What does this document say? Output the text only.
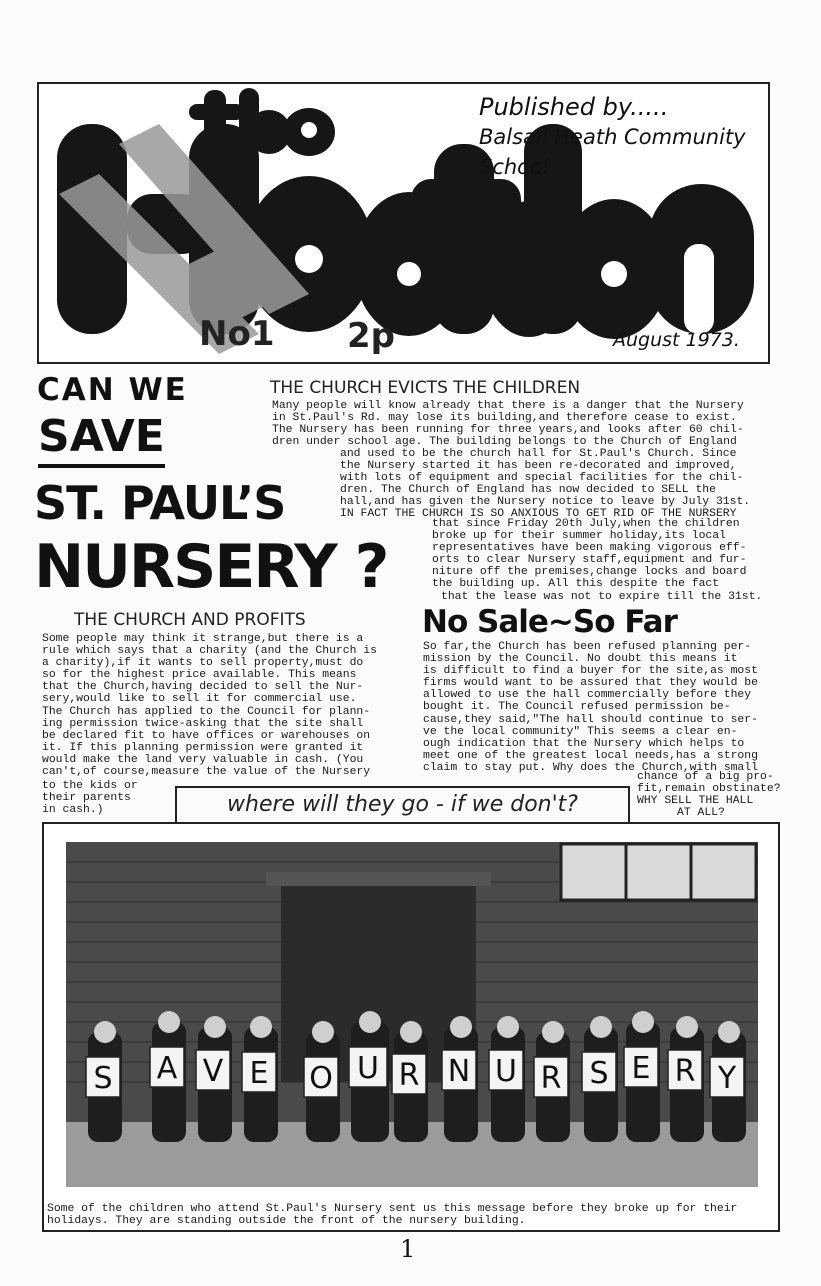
Published by.....
Balsall Heath Community School
No1 2p	August 1973.
CAN WE
SAVE
ST. PAUL’S
NURSERY ?
THE CHURCH EVICTS THE CHILDREN
Many people will know already that there is a danger that the Nursery
in St.Paul's Rd. may lose its building,and therefore cease to exist.
The Nursery has been running for three years,and looks after 60 chil-
dren under school age. The building belongs to the Church of England
and used to be the church hall for St.Paul's Church. Since
the Nursery started it has been re-decorated and improved,
with lots of equipment and special facilities for the chil-
dren. The Church of England has now decided to SELL the
hall,and has given the Nursery notice to leave by July 31st.
IN FACT THE CHURCH IS SO ANXIOUS TO GET RID OF THE NURSERY
that since Friday 20th July,when the children
broke up for their summer holiday,its local
representatives have been making vigorous eff-
orts to clear Nursery staff,equipment and fur-
niture off the premises,change locks and board
the building up. All this despite the fact
that the lease was not to expire till the 31st.
No Sale~So Far
So far,the Church has been refused planning per-
mission by the Council. No doubt this means it
is difficult to find a buyer for the site,as most
firms would want to be assured that they would be
allowed to use the hall commercially before they
bought it. The Council refused permission be-
cause,they said,"The hall should continue to ser-
ve the local community" This seems a clear en-
ough indication that the Nursery which helps to
meet one of the greatest local needs,has a strong
claim to stay put. Why does the Church,with small
chance of a big pro-
fit,remain obstinate?
WHY SELL THE HALL
AT ALL?
THE CHURCH AND PROFITS
Some people may think it strange,but there is a
rule which says that a charity (and the Church is
a charity),if it wants to sell property,must do
so for the highest price available. This means
that the Church,having decided to sell the Nur-
sery,would like to sell it for commercial use.
The Church has applied to the Council for plann-
ing permission twice-asking that the site shall
be declared fit to have offices or warehouses on
it. If this planning permission were granted it
would make the land very valuable in cash. (You
can't,of course,measure the value of the Nursery
to the kids or
their parents
in cash.)	where will they go - if we don't?
S A V E O U R N U R S E R Y
Some of the children who attend St.Paul's Nursery sent us this message before they broke up for their
holidays. They are standing outside the front of the nursery building.
1
